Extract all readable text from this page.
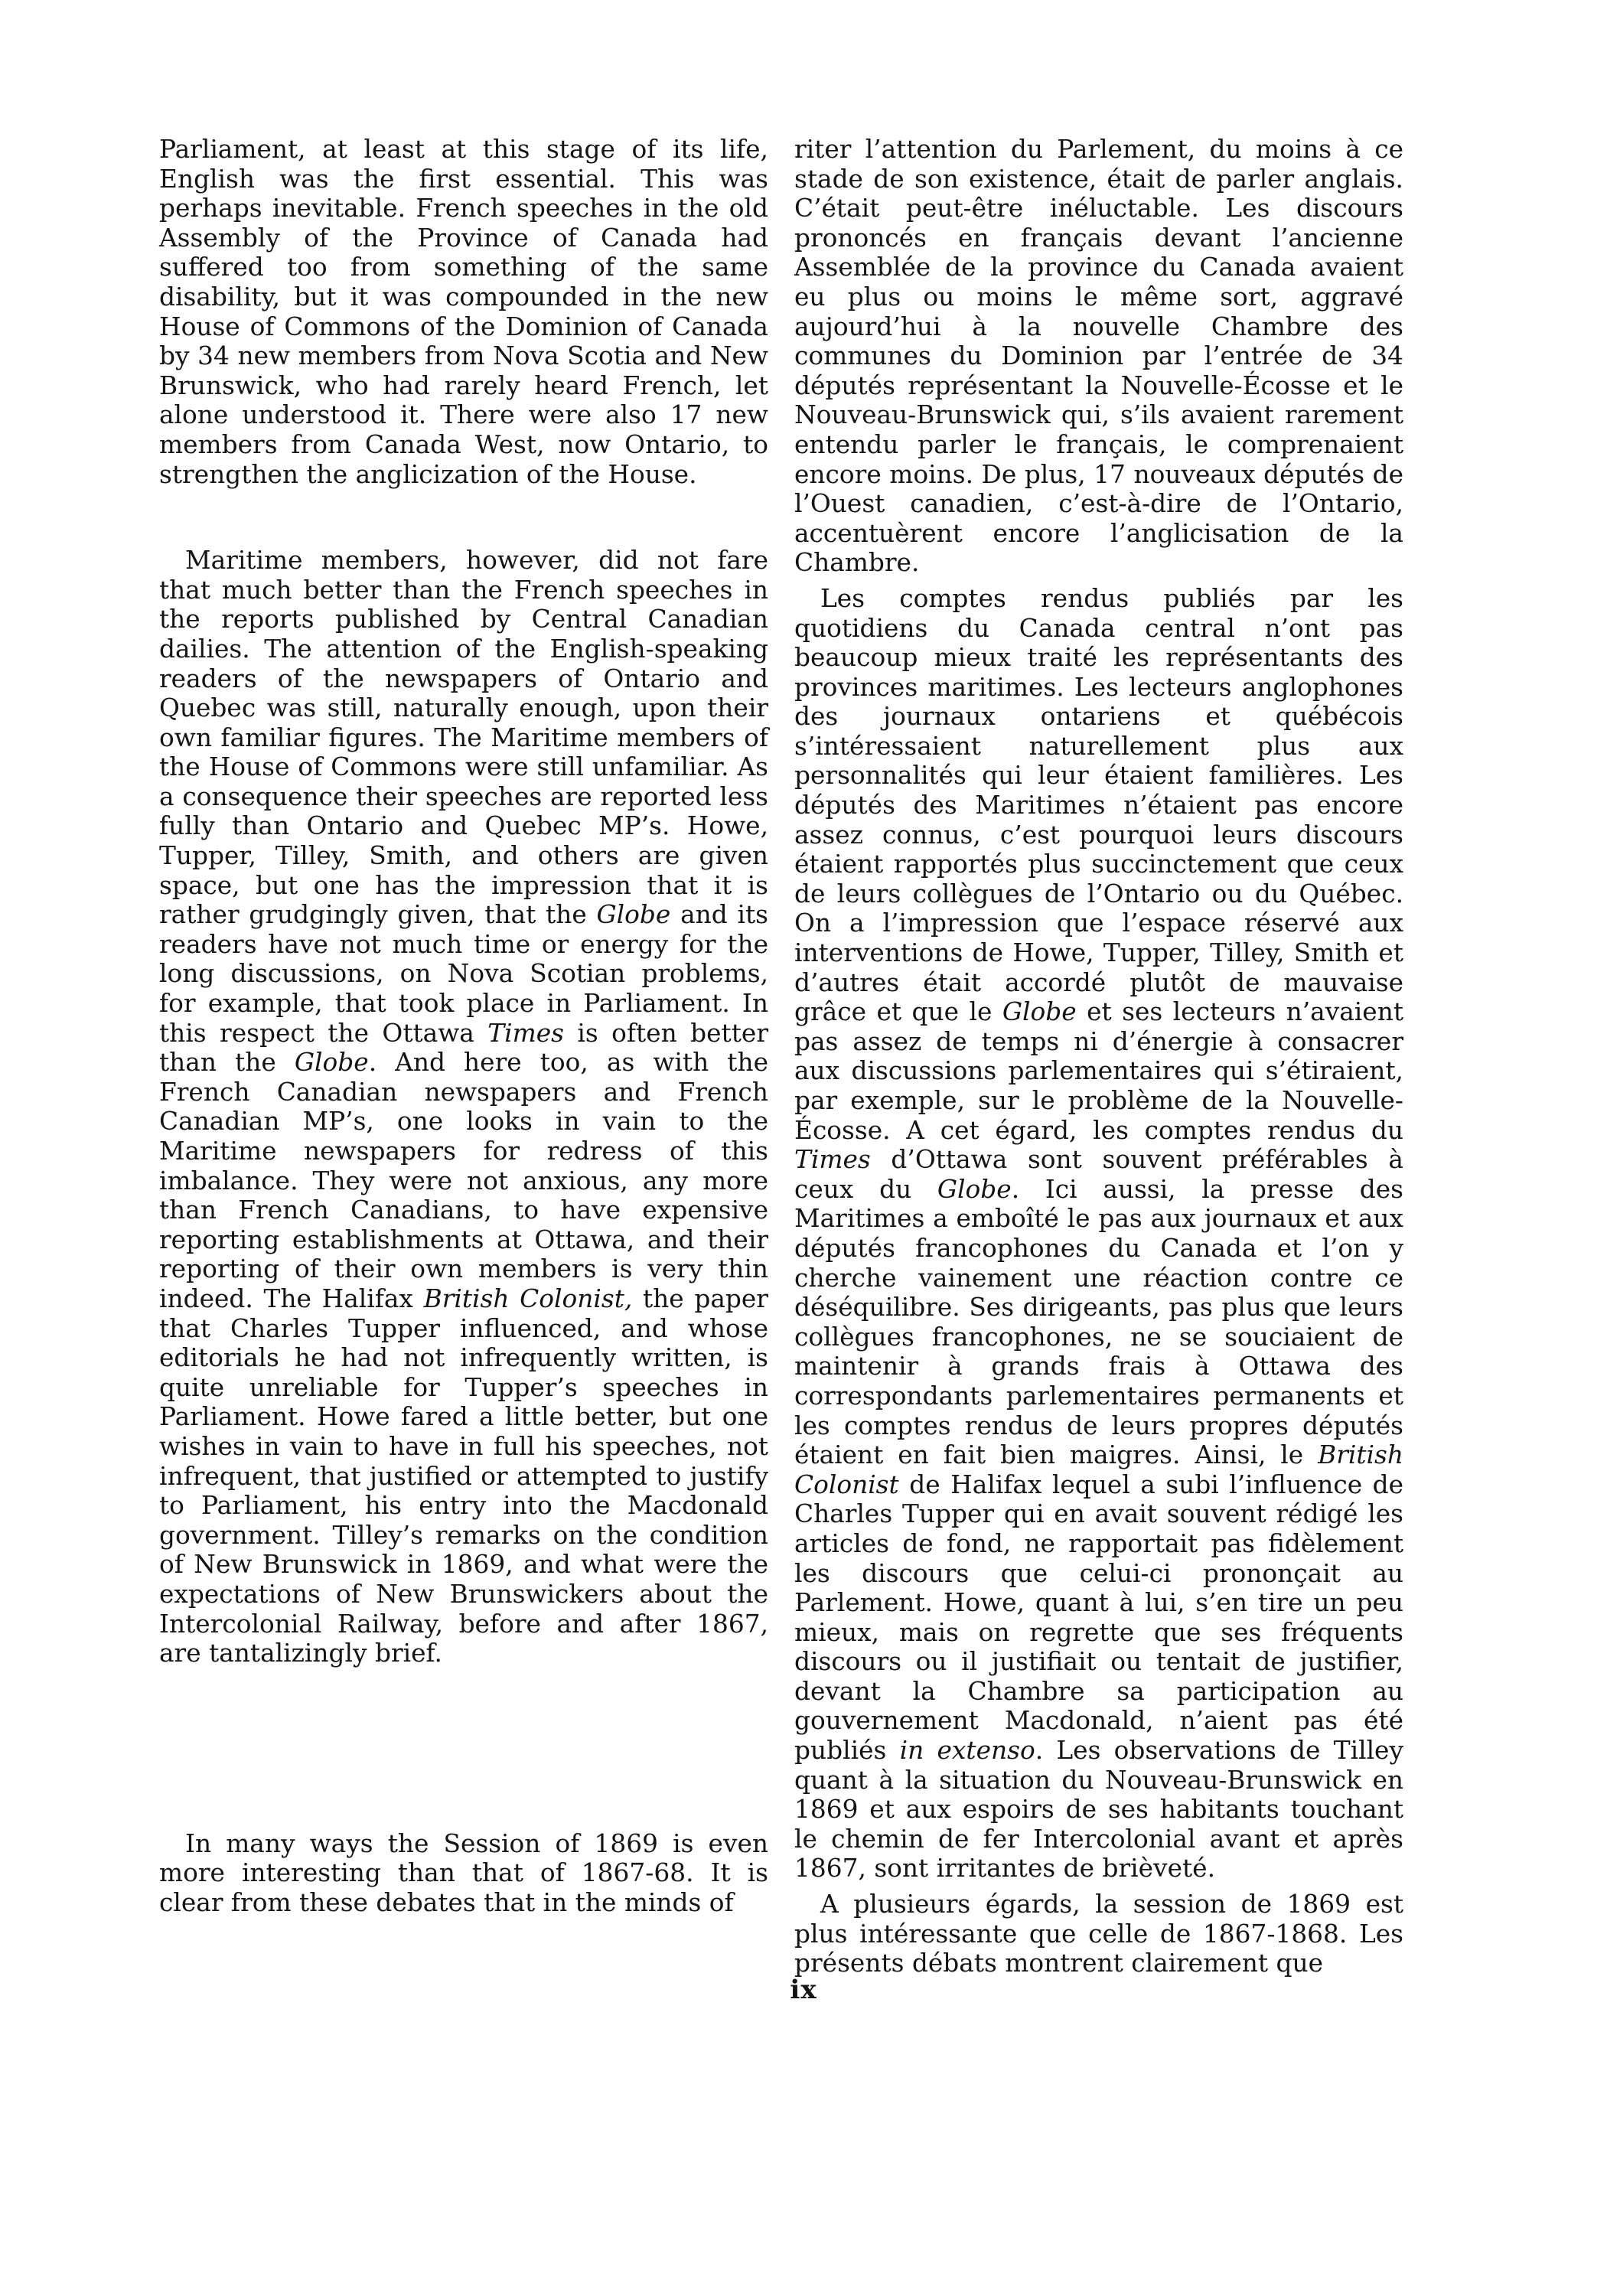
Parliament, at least at this stage of its life, English was the first essential. This was perhaps inevitable. French speeches in the old Assembly of the Province of Canada had suffered too from something of the same disability, but it was compounded in the new House of Commons of the Dominion of Canada by 34 new members from Nova Scotia and New Brunswick, who had rarely heard French, let alone understood it. There were also 17 new members from Canada West, now Ontario, to strengthen the anglicization of the House.

Maritime members, however, did not fare that much better than the French speeches in the reports published by Central Canadian dailies. The attention of the English-speaking readers of the newspapers of Ontario and Quebec was still, naturally enough, upon their own familiar figures. The Maritime members of the House of Commons were still unfamiliar. As a consequence their speeches are reported less fully than Ontario and Quebec MP’s. Howe, Tupper, Tilley, Smith, and others are given space, but one has the impression that it is rather grudgingly given, that the Globe and its readers have not much time or energy for the long discussions, on Nova Scotian problems, for example, that took place in Parliament. In this respect the Ottawa Times is often better than the Globe. And here too, as with the French Canadian newspapers and French Canadian MP’s, one looks in vain to the Maritime newspapers for redress of this imbalance. They were not anxious, any more than French Canadians, to have expensive reporting establishments at Ottawa, and their reporting of their own members is very thin indeed. The Halifax British Colonist, the paper that Charles Tupper influenced, and whose editorials he had not infrequently written, is quite unreliable for Tupper’s speeches in Parliament. Howe fared a little better, but one wishes in vain to have in full his speeches, not infrequent, that justified or attempted to justify to Parliament, his entry into the Macdonald government. Tilley’s remarks on the condition of New Brunswick in 1869, and what were the expectations of New Brunswickers about the Intercolonial Railway, before and after 1867, are tantalizingly brief.

In many ways the Session of 1869 is even more interesting than that of 1867-68. It is clear from these debates that in the minds of

riter l’attention du Parlement, du moins à ce stade de son existence, était de parler anglais. C’était peut-être inéluctable. Les discours prononcés en français devant l’ancienne Assemblée de la province du Canada avaient eu plus ou moins le même sort, aggravé aujourd’hui à la nouvelle Chambre des communes du Dominion par l’entrée de 34 députés représentant la Nouvelle-Écosse et le Nouveau-Brunswick qui, s’ils avaient rarement entendu parler le français, le comprenaient encore moins. De plus, 17 nouveaux députés de l’Ouest canadien, c’est-à-dire de l’Ontario, accentuèrent encore l’anglicisation de la Chambre.

Les comptes rendus publiés par les quotidiens du Canada central n’ont pas beaucoup mieux traité les représentants des provinces maritimes. Les lecteurs anglophones des journaux ontariens et québécois s’intéressaient naturellement plus aux personnalités qui leur étaient familières. Les députés des Maritimes n’étaient pas encore assez connus, c’est pourquoi leurs discours étaient rapportés plus succinctement que ceux de leurs collègues de l’Ontario ou du Québec. On a l’impression que l’espace réservé aux interventions de Howe, Tupper, Tilley, Smith et d’autres était accordé plutôt de mauvaise grâce et que le Globe et ses lecteurs n’avaient pas assez de temps ni d’énergie à consacrer aux discussions parlementaires qui s’étiraient, par exemple, sur le problème de la Nouvelle-Écosse. A cet égard, les comptes rendus du Times d’Ottawa sont souvent préférables à ceux du Globe. Ici aussi, la presse des Maritimes a emboîté le pas aux journaux et aux députés francophones du Canada et l’on y cherche vainement une réaction contre ce déséquilibre. Ses dirigeants, pas plus que leurs collègues francophones, ne se souciaient de maintenir à grands frais à Ottawa des correspondants parlementaires permanents et les comptes rendus de leurs propres députés étaient en fait bien maigres. Ainsi, le British Colonist de Halifax lequel a subi l’influence de Charles Tupper qui en avait souvent rédigé les articles de fond, ne rapportait pas fidèlement les discours que celui-ci prononçait au Parlement. Howe, quant à lui, s’en tire un peu mieux, mais on regrette que ses fréquents discours ou il justifiait ou tentait de justifier, devant la Chambre sa participation au gouvernement Macdonald, n’aient pas été publiés in extenso. Les observations de Tilley quant à la situation du Nouveau-Brunswick en 1869 et aux espoirs de ses habitants touchant le chemin de fer Intercolonial avant et après 1867, sont irritantes de brièveté.

A plusieurs égards, la session de 1869 est plus intéressante que celle de 1867-1868. Les présents débats montrent clairement que

ix
